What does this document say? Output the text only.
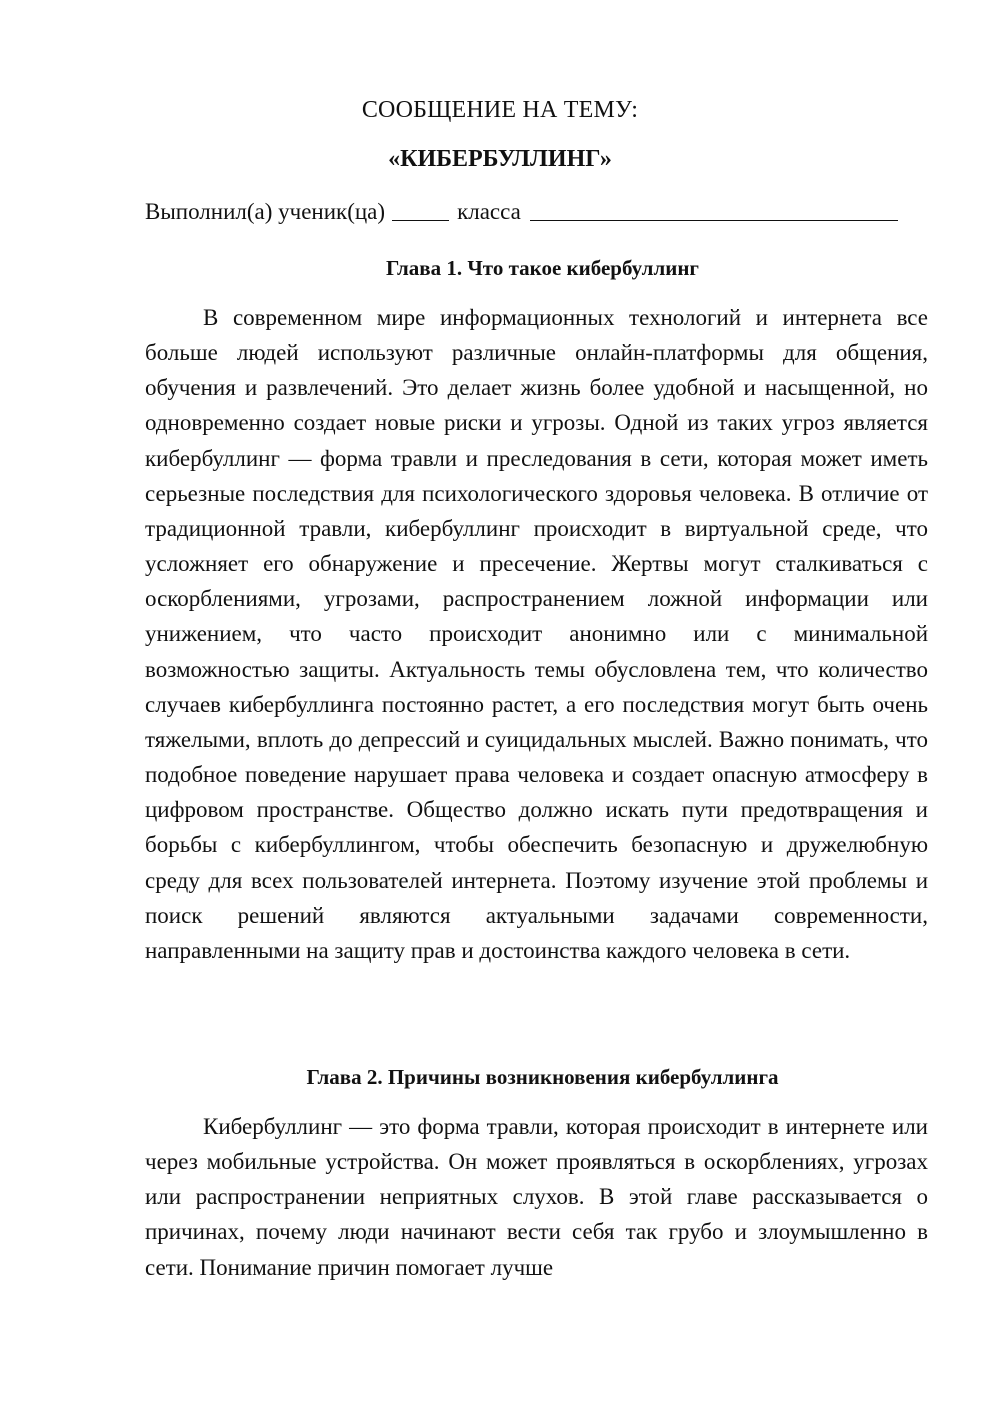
СООБЩЕНИЕ НА ТЕМУ:
«КИБЕРБУЛЛИНГ»
Выполнил(а) ученик(ца)	класса
Глава 1. Что такое кибербуллинг

В современном мире информационных технологий и интернета все больше людей используют различные онлайн-платформы для общения, обучения и развлечений. Это делает жизнь более удобной и насыщенной, но одновременно создает новые риски и угрозы. Одной из таких угроз является кибербуллинг — форма травли и преследования в сети, которая может иметь серьезные последствия для психологического здоровья человека. В отличие от традиционной травли, кибербуллинг происходит в виртуальной среде, что усложняет его обнаружение и пресечение. Жертвы могут сталкиваться с оскорблениями, угрозами, распространением ложной информации или унижением, что часто происходит анонимно или с минимальной возможностью защиты. Актуальность темы обусловлена тем, что количество случаев кибербуллинга постоянно растет, а его последствия могут быть очень тяжелыми, вплоть до депрессий и суицидальных мыслей. Важно понимать, что подобное поведение нарушает права человека и создает опасную атмосферу в цифровом пространстве. Общество должно искать пути предотвращения и борьбы с кибербуллингом, чтобы обеспечить безопасную и дружелюбную среду для всех пользователей интернета. Поэтому изучение этой проблемы и поиск решений являются актуальными задачами современности, направленными на защиту прав и достоинства каждого человека в сети.

Глава 2. Причины возникновения кибербуллинга

Кибербуллинг — это форма травли, которая происходит в интернете или через мобильные устройства. Он может проявляться в оскорблениях, угрозах или распространении неприятных слухов. В этой главе рассказывается о причинах, почему люди начинают вести себя так грубо и злоумышленно в сети. Понимание причин помогает лучше
